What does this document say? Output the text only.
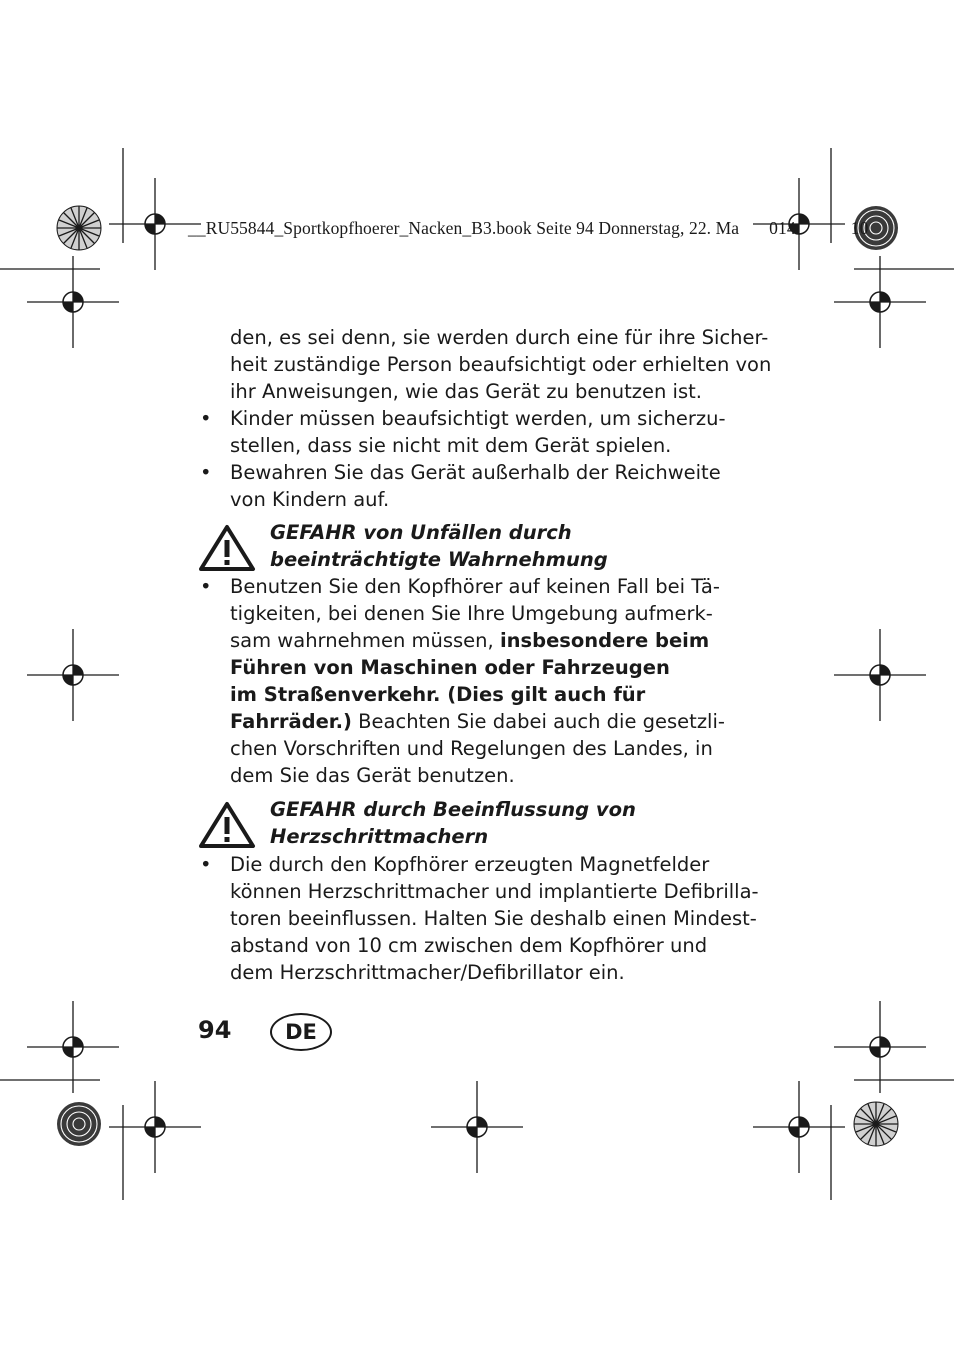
__RU55844_Sportkopfhoerer_Nacken_B3.book Seite 94 Donnerstag, 22. Ma 014	10
den, es sei denn, sie werden durch eine für ihre Sicher-
heit zuständige Person beaufsichtigt oder erhielten von
ihr Anweisungen, wie das Gerät zu benutzen ist.
• Kinder müssen beaufsichtigt werden, um sicherzu-
stellen, dass sie nicht mit dem Gerät spielen.
• Bewahren Sie das Gerät außerhalb der Reichweite
von Kindern auf.
GEFAHR von Unfällen durch
beeinträchtigte Wahrnehmung
• Benutzen Sie den Kopfhörer auf keinen Fall bei Tä-
tigkeiten, bei denen Sie Ihre Umgebung aufmerk-
sam wahrnehmen müssen, insbesondere beim
Führen von Maschinen oder Fahrzeugen
im Straßenverkehr. (Dies gilt auch für
Fahrräder.) Beachten Sie dabei auch die gesetzli-
chen Vorschriften und Regelungen des Landes, in
dem Sie das Gerät benutzen.
GEFAHR durch Beeinflussung von
Herzschrittmachern
• Die durch den Kopfhörer erzeugten Magnetfelder
können Herzschrittmacher und implantierte Defibrilla-
toren beeinflussen. Halten Sie deshalb einen Mindest-
abstand von 10 cm zwischen dem Kopfhörer und
dem Herzschrittmacher/Defibrillator ein.
94	DE
